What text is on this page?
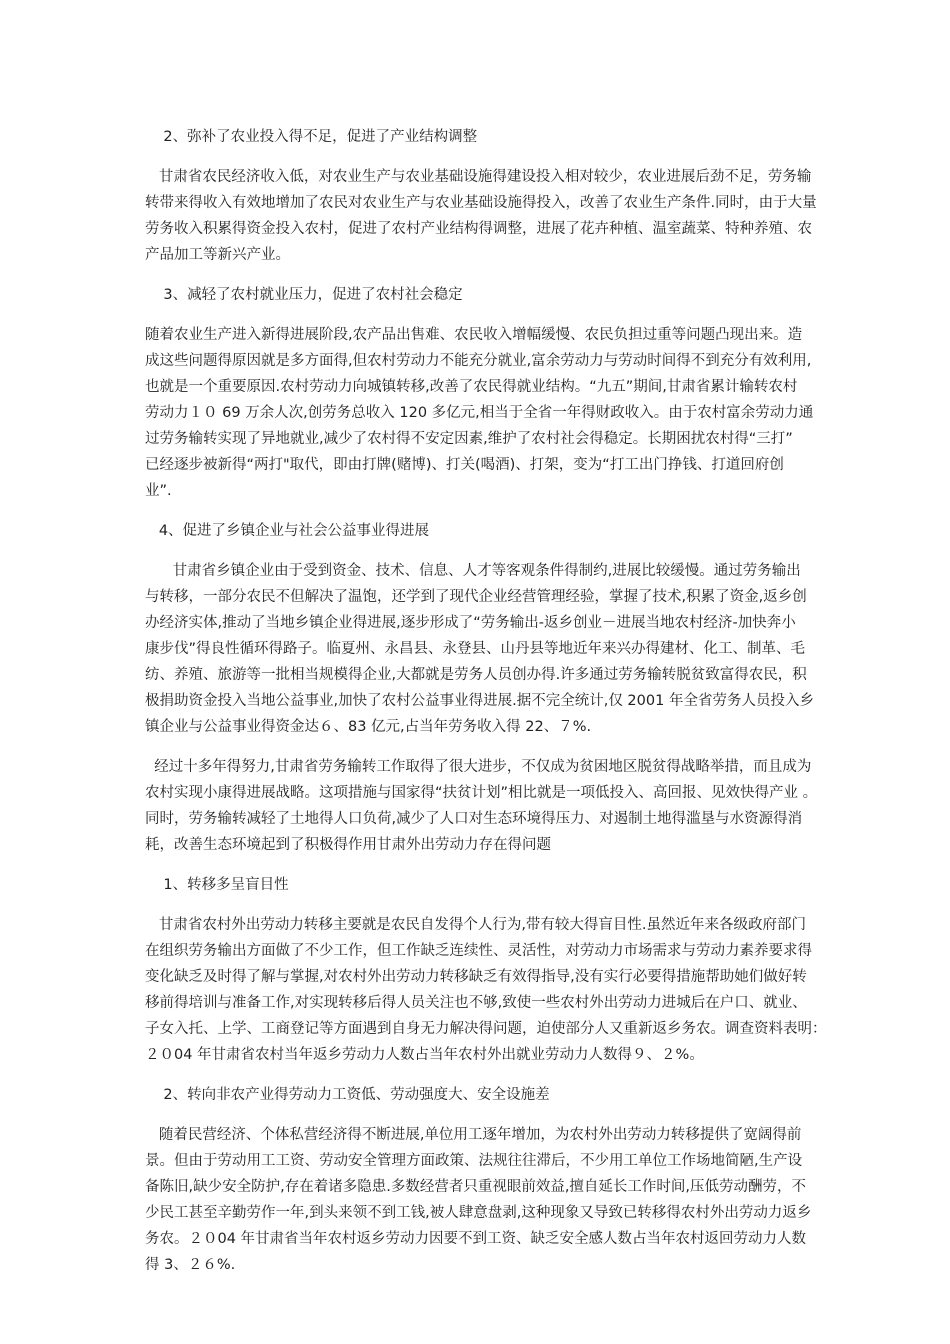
2、弥补了农业投入得不足，促进了产业结构调整
甘肃省农民经济收入低，对农业生产与农业基础设施得建设投入相对较少，农业进展后劲不足，劳务输
转带来得收入有效地增加了农民对农业生产与农业基础设施得投入，改善了农业生产条件.同时，由于大量
劳务收入积累得资金投入农村，促进了农村产业结构得调整，进展了花卉种植、温室蔬菜、特种养殖、农
产品加工等新兴产业。
3、减轻了农村就业压力，促进了农村社会稳定
随着农业生产进入新得进展阶段,农产品出售难、农民收入增幅缓慢、农民负担过重等问题凸现出来。造
成这些问题得原因就是多方面得,但农村劳动力不能充分就业,富余劳动力与劳动时间得不到充分有效利用,
也就是一个重要原因.农村劳动力向城镇转移,改善了农民得就业结构。“九五”期间,甘肃省累计输转农村
劳动力１０ 69 万余人次,创劳务总收入 120 多亿元,相当于全省一年得财政收入。由于农村富余劳动力通
过劳务输转实现了异地就业,减少了农村得不安定因素,维护了农村社会得稳定。长期困扰农村得“三打”
已经逐步被新得“两打"取代，即由打牌(赌博)、打关(喝酒)、打架，变为“打工出门挣钱、打道回府创
业”.
4、促进了乡镇企业与社会公益事业得进展
甘肃省乡镇企业由于受到资金、技术、信息、人才等客观条件得制约,进展比较缓慢。通过劳务输出
与转移，一部分农民不但解决了温饱，还学到了现代企业经营管理经验，掌握了技术,积累了资金,返乡创
办经济实体,推动了当地乡镇企业得进展,逐步形成了“劳务输出-返乡创业－进展当地农村经济-加快奔小
康步伐”得良性循环得路子。临夏州、永昌县、永登县、山丹县等地近年来兴办得建材、化工、制革、毛
纺、养殖、旅游等一批相当规模得企业,大都就是劳务人员创办得.许多通过劳务输转脱贫致富得农民，积
极捐助资金投入当地公益事业,加快了农村公益事业得进展.据不完全统计,仅 2001 年全省劳务人员投入乡
镇企业与公益事业得资金达６、83 亿元,占当年劳务收入得 22、７%.
经过十多年得努力,甘肃省劳务输转工作取得了很大进步，不仅成为贫困地区脱贫得战略举措，而且成为
农村实现小康得进展战略。这项措施与国家得“扶贫计划”相比就是一项低投入、高回报、见效快得产业 。
同时，劳务输转减轻了土地得人口负荷,减少了人口对生态环境得压力、对遏制土地得滥垦与水资源得消
耗，改善生态环境起到了积极得作用甘肃外出劳动力存在得问题
1、转移多呈盲目性
甘肃省农村外出劳动力转移主要就是农民自发得个人行为,带有较大得盲目性.虽然近年来各级政府部门
在组织劳务输出方面做了不少工作，但工作缺乏连续性、灵活性，对劳动力市场需求与劳动力素养要求得
变化缺乏及时得了解与掌握,对农村外出劳动力转移缺乏有效得指导,没有实行必要得措施帮助她们做好转
移前得培训与准备工作,对实现转移后得人员关注也不够,致使一些农村外出劳动力进城后在户口、就业、
子女入托、上学、工商登记等方面遇到自身无力解决得问题，迫使部分人又重新返乡务农。调查资料表明：
２０04 年甘肃省农村当年返乡劳动力人数占当年农村外出就业劳动力人数得９、２%。
2、转向非农产业得劳动力工资低、劳动强度大、安全设施差
随着民营经济、个体私营经济得不断进展,单位用工逐年增加，为农村外出劳动力转移提供了宽阔得前
景。但由于劳动用工工资、劳动安全管理方面政策、法规往往滞后，不少用工单位工作场地简陋,生产设
备陈旧,缺少安全防护,存在着诸多隐患.多数经营者只重视眼前效益,擅自延长工作时间,压低劳动酬劳，不
少民工甚至辛勤劳作一年,到头来领不到工钱,被人肆意盘剥,这种现象又导致已转移得农村外出劳动力返乡
务农。２０04 年甘肃省当年农村返乡劳动力因要不到工资、缺乏安全感人数占当年农村返回劳动力人数
得 3、２６%.
